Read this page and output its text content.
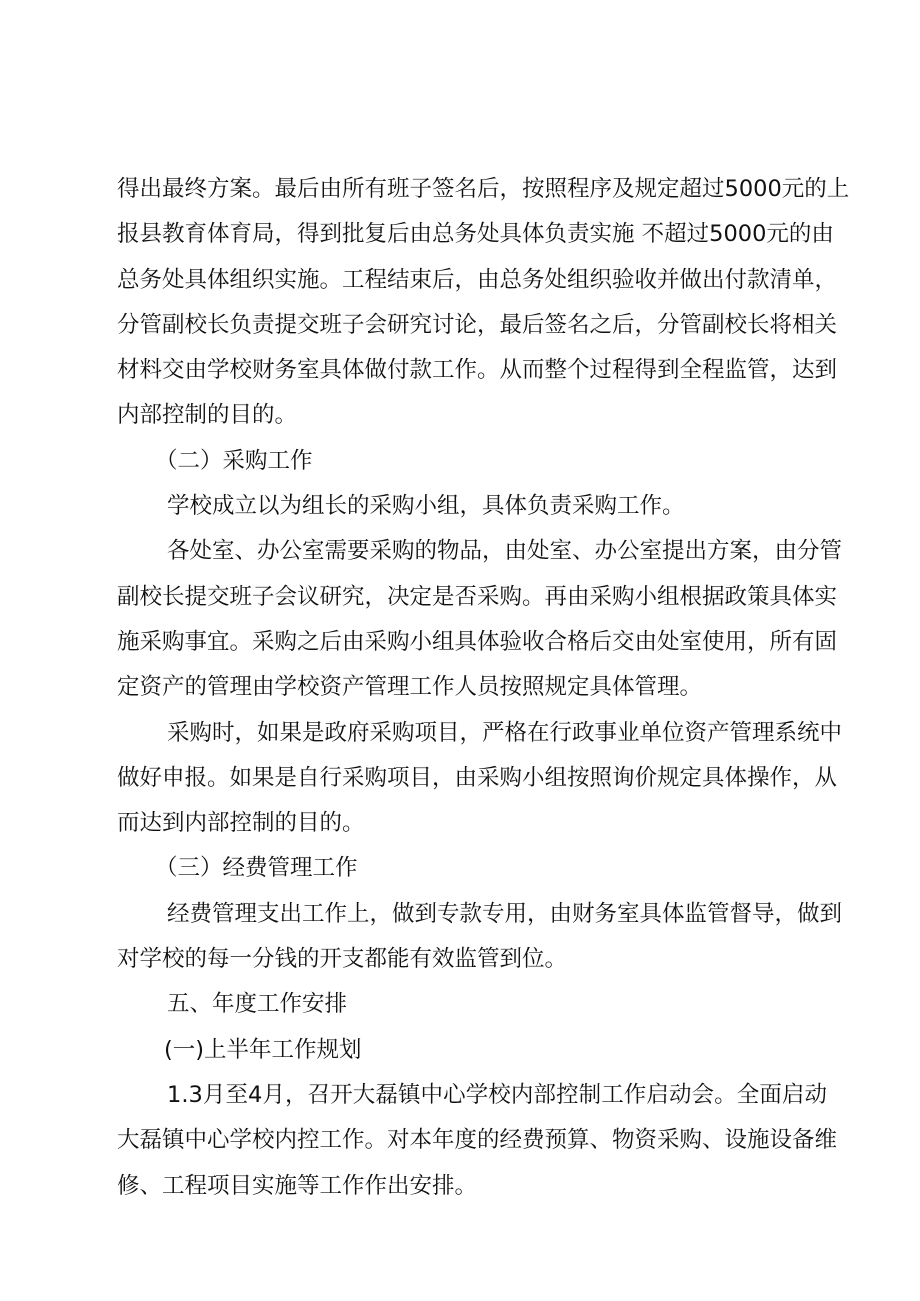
得出最终方案。最后由所有班子签名后，按照程序及规定超过5000元的上
报县教育体育局，得到批复后由总务处具体负责实施 不超过5000元的由
总务处具体组织实施。工程结束后，由总务处组织验收并做出付款清单，
分管副校长负责提交班子会研究讨论，最后签名之后，分管副校长将相关
材料交由学校财务室具体做付款工作。从而整个过程得到全程监管，达到
内部控制的目的。
（二）采购工作
学校成立以为组长的采购小组，具体负责采购工作。
各处室、办公室需要采购的物品，由处室、办公室提出方案，由分管
副校长提交班子会议研究，决定是否采购。再由采购小组根据政策具体实
施采购事宜。采购之后由采购小组具体验收合格后交由处室使用，所有固
定资产的管理由学校资产管理工作人员按照规定具体管理。
采购时，如果是政府采购项目，严格在行政事业单位资产管理系统中
做好申报。如果是自行采购项目，由采购小组按照询价规定具体操作，从
而达到内部控制的目的。
（三）经费管理工作
经费管理支出工作上，做到专款专用，由财务室具体监管督导，做到
对学校的每一分钱的开支都能有效监管到位。
五、年度工作安排
(一)上半年工作规划
1.3月至4月，召开大磊镇中心学校内部控制工作启动会。全面启动
大磊镇中心学校内控工作。对本年度的经费预算、物资采购、设施设备维
修、工程项目实施等工作作出安排。
